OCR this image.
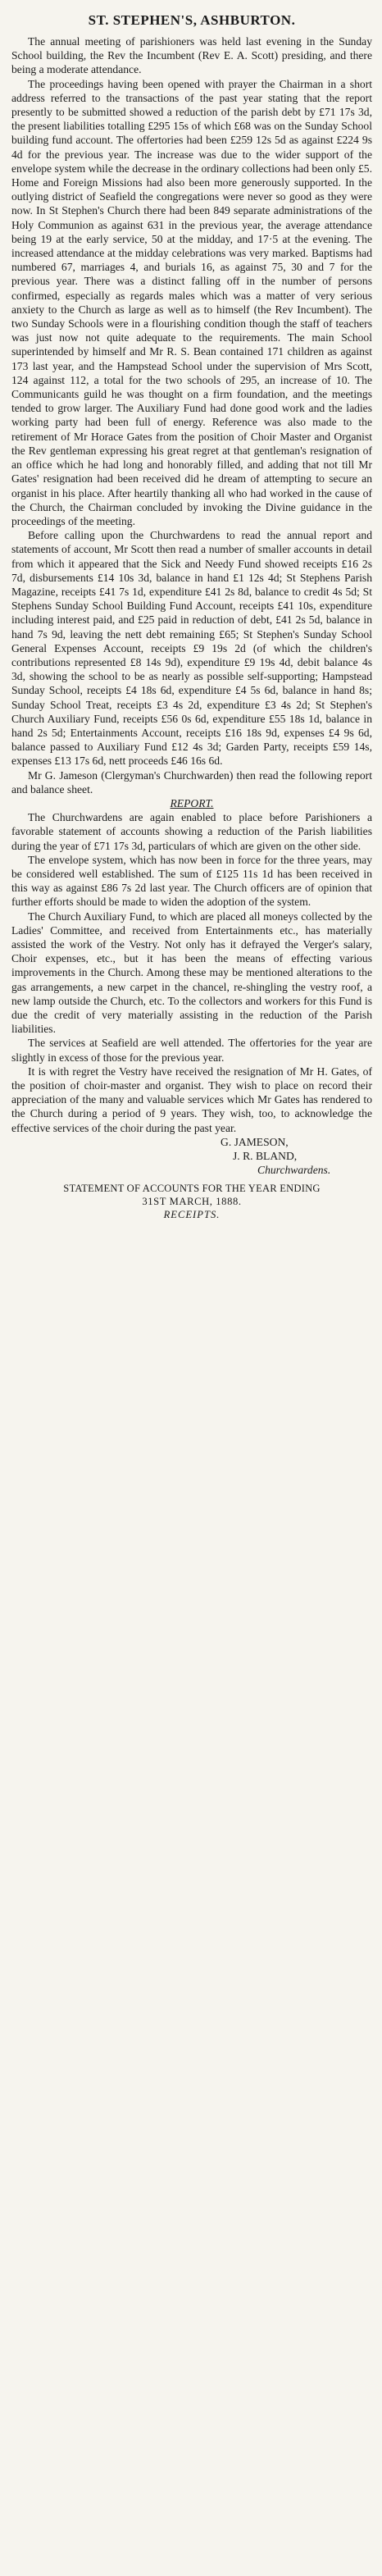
ST. STEPHEN'S, ASHBURTON.

The annual meeting of parishioners was held last evening in the Sunday School building, the Rev the Incumbent (Rev E. A. Scott) presiding, and there being a moderate attendance.

The proceedings having been opened with prayer the Chairman in a short address referred to the transactions of the past year stating that the report presently to be submitted showed a reduction of the parish debt by £71 17s 3d, the present liabilities totalling £295 15s of which £68 was on the Sunday School building fund account. The offertories had been £259 12s 5d as against £224 9s 4d for the previous year. The increase was due to the wider support of the envelope system while the decrease in the ordinary collections had been only £5. Home and Foreign Missions had also been more generously supported. In the outlying district of Seafield the congregations were never so good as they were now. In St Stephen's Church there had been 849 separate administrations of the Holy Communion as against 631 in the previous year, the average attendance being 19 at the early service, 50 at the midday, and 17·5 at the evening. The increased attendance at the midday celebrations was very marked. Baptisms had numbered 67, marriages 4, and burials 16, as against 75, 30 and 7 for the previous year. There was a distinct falling off in the number of persons confirmed, especially as regards males which was a matter of very serious anxiety to the Church as large as well as to himself (the Rev Incumbent). The two Sunday Schools were in a flourishing condition though the staff of teachers was just now not quite adequate to the requirements. The main School superintended by himself and Mr R. S. Bean contained 171 children as against 173 last year, and the Hampstead School under the supervision of Mrs Scott, 124 against 112, a total for the two schools of 295, an increase of 10. The Communicants guild he was thought on a firm foundation, and the meetings tended to grow larger. The Auxiliary Fund had done good work and the ladies working party had been full of energy. Reference was also made to the retirement of Mr Horace Gates from the position of Choir Master and Organist the Rev gentleman expressing his great regret at that gentleman's resignation of an office which he had long and honorably filled, and adding that not till Mr Gates' resignation had been received did he dream of attempting to secure an organist in his place. After heartily thanking all who had worked in the cause of the Church, the Chairman concluded by invoking the Divine guidance in the proceedings of the meeting.

Before calling upon the Churchwardens to read the annual report and statements of account, Mr Scott then read a number of smaller accounts in detail from which it appeared that the Sick and Needy Fund showed receipts £16 2s 7d, disbursements £14 10s 3d, balance in hand £1 12s 4d; St Stephens Parish Magazine, receipts £41 7s 1d, expenditure £41 2s 8d, balance to credit 4s 5d; St Stephens Sunday School Building Fund Account, receipts £41 10s, expenditure including interest paid, and £25 paid in reduction of debt, £41 2s 5d, balance in hand 7s 9d, leaving the nett debt remaining £65; St Stephen's Sunday School General Expenses Account, receipts £9 19s 2d (of which the children's contributions represented £8 14s 9d), expenditure £9 19s 4d, debit balance 4s 3d, showing the school to be as nearly as possible self-supporting; Hampstead Sunday School, receipts £4 18s 6d, expenditure £4 5s 6d, balance in hand 8s; Sunday School Treat, receipts £3 4s 2d, expenditure £3 4s 2d; St Stephen's Church Auxiliary Fund, receipts £56 0s 6d, expenditure £55 18s 1d, balance in hand 2s 5d; Entertainments Account, receipts £16 18s 9d, expenses £4 9s 6d, balance passed to Auxiliary Fund £12 4s 3d; Garden Party, receipts £59 14s, expenses £13 17s 6d, nett proceeds £46 16s 6d.

Mr G. Jameson (Clergyman's Churchwarden) then read the following report and balance sheet.

REPORT.

The Churchwardens are again enabled to place before Parishioners a favorable statement of accounts showing a reduction of the Parish liabilities during the year of £71 17s 3d, particulars of which are given on the other side.

The envelope system, which has now been in force for the three years, may be considered well established. The sum of £125 11s 1d has been received in this way as against £86 7s 2d last year. The Church officers are of opinion that further efforts should be made to widen the adoption of the system.

The Church Auxiliary Fund, to which are placed all moneys collected by the Ladies' Committee, and received from Entertainments etc., has materially assisted the work of the Vestry. Not only has it defrayed the Verger's salary, Choir expenses, etc., but it has been the means of effecting various improvements in the Church. Among these may be mentioned alterations to the gas arrangements, a new carpet in the chancel, re-shingling the vestry roof, a new lamp outside the Church, etc. To the collectors and workers for this Fund is due the credit of very materially assisting in the reduction of the Parish liabilities.

The services at Seafield are well attended. The offertories for the year are slightly in excess of those for the previous year.

It is with regret the Vestry have received the resignation of Mr H. Gates, of the position of choir-master and organist. They wish to place on record their appreciation of the many and valuable services which Mr Gates has rendered to the Church during a period of 9 years. They wish, too, to acknowledge the effective services of the choir during the past year.

G. JAMESON,

J. R. BLAND,

Churchwardens.

STATEMENT OF ACCOUNTS FOR THE YEAR ENDING

31ST MARCH, 1888.

RECEIPTS.
